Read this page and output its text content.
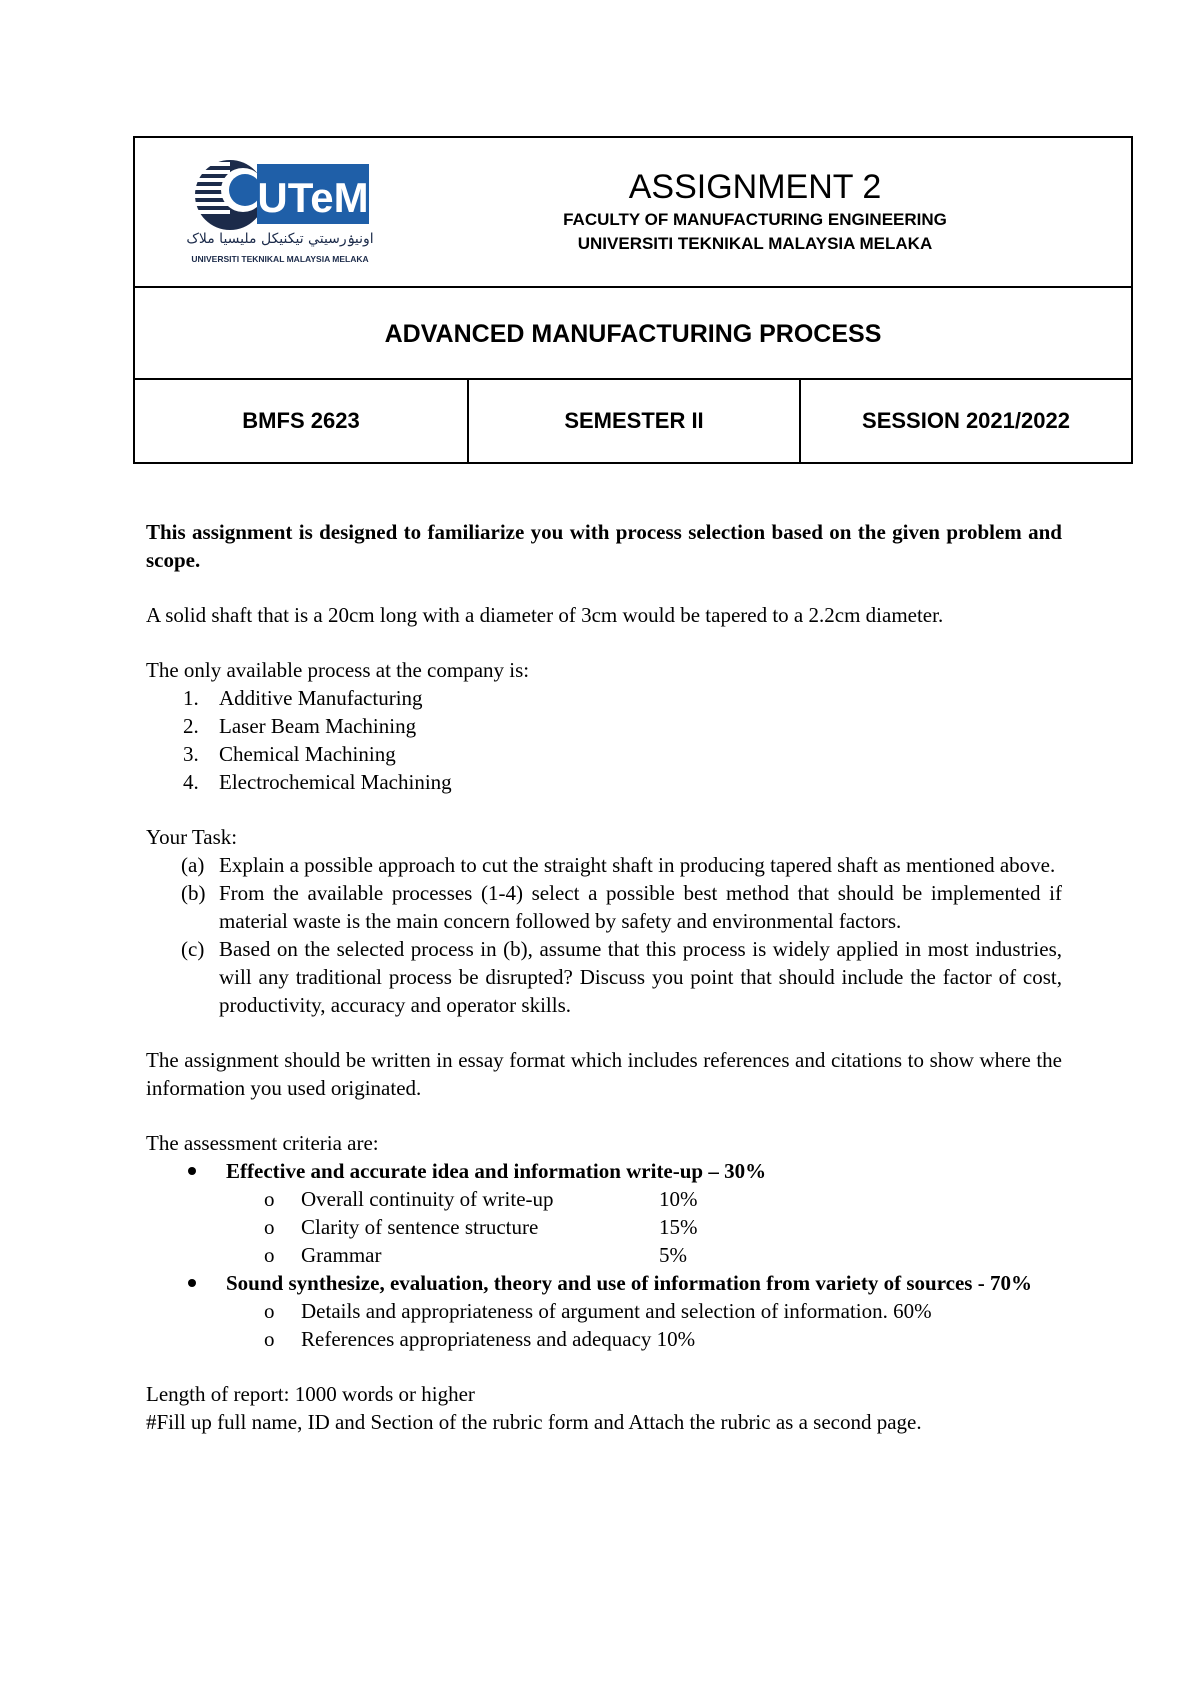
UTeM
اونيۏرسيتي تيکنيکل مليسيا ملاک
UNIVERSITI TEKNIKAL MALAYSIA MELAKA
ASSIGNMENT 2
FACULTY OF MANUFACTURING ENGINEERING
UNIVERSITI TEKNIKAL MALAYSIA MELAKA
ADVANCED MANUFACTURING PROCESS
BMFS 2623	SEMESTER II	SESSION 2021/2022

This assignment is designed to familiarize you with process selection based on the given problem and scope.

A solid shaft that is a 20cm long with a diameter of 3cm would be tapered to a 2.2cm diameter.

The only available process at the company is:

1. Additive Manufacturing
2. Laser Beam Machining
3. Chemical Machining
4. Electrochemical Machining

Your Task:

(a) Explain a possible approach to cut the straight shaft in producing tapered shaft as mentioned above.
(b) From the available processes (1-4) select a possible best method that should be implemented if material waste is the main concern followed by safety and environmental factors.
(c) Based on the selected process in (b), assume that this process is widely applied in most industries, will any traditional process be disrupted? Discuss you point that should include the factor of cost, productivity, accuracy and operator skills.

The assignment should be written in essay format which includes references and citations to show where the information you used originated.

The assessment criteria are:

Effective and accurate idea and information write-up – 30%
o Overall continuity of write-up	10%
o Clarity of sentence structure	15%
o Grammar	5%
Sound synthesize, evaluation, theory and use of information from variety of sources - 70%
o Details and appropriateness of argument and selection of information. 60%
o References appropriateness and adequacy 10%

Length of report: 1000 words or higher

#Fill up full name, ID and Section of the rubric form and Attach the rubric as a second page.
